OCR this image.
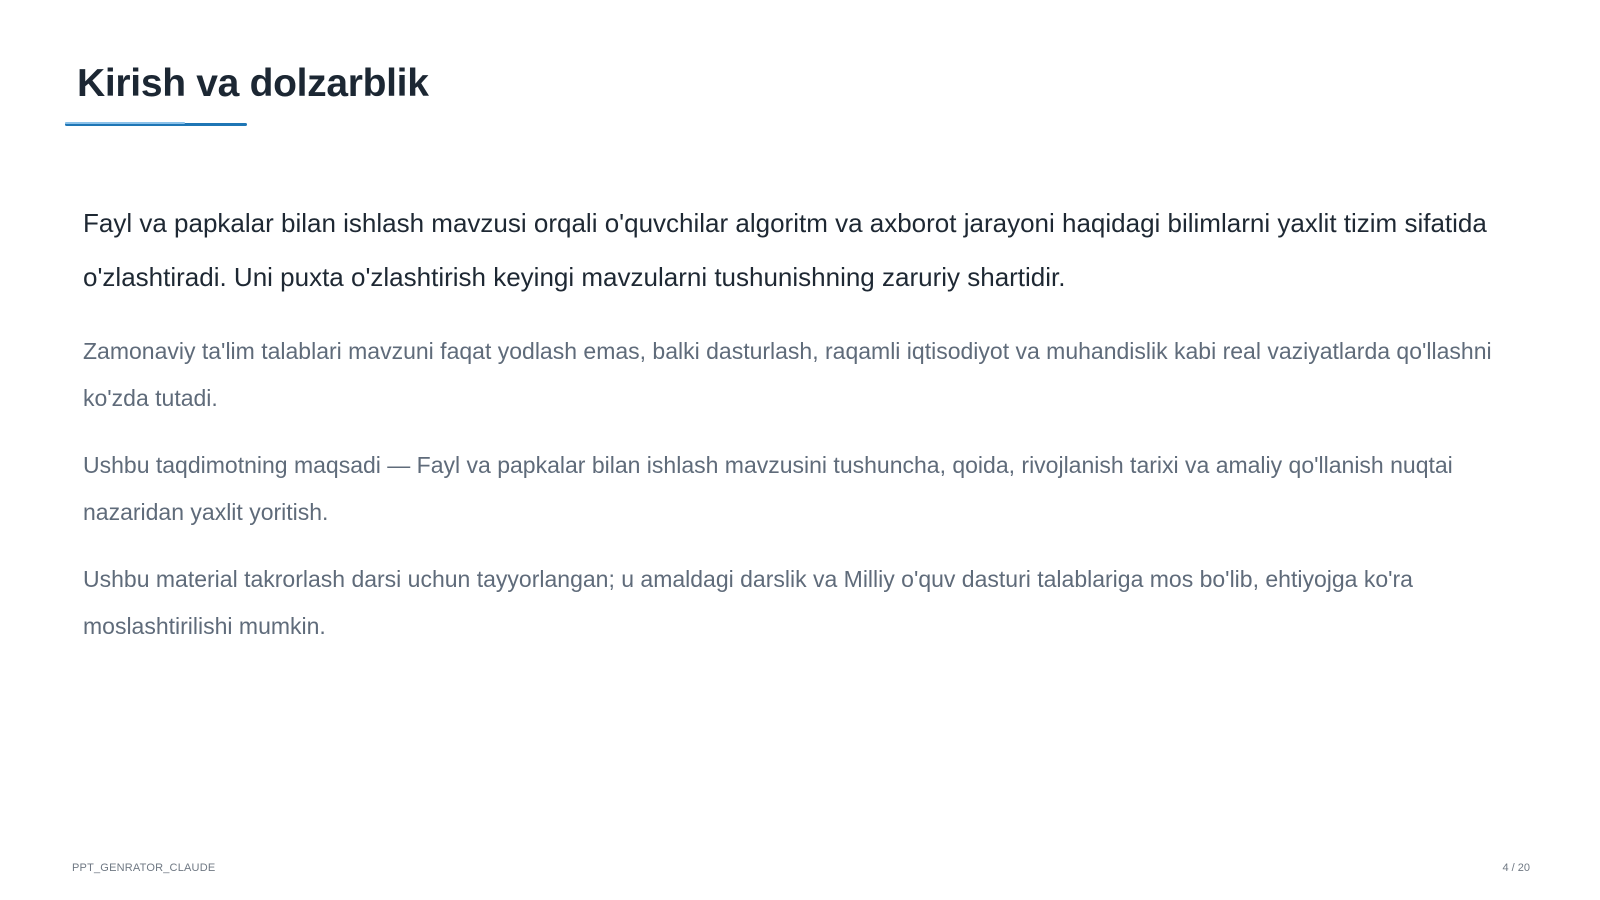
Kirish va dolzarblik

Fayl va papkalar bilan ishlash mavzusi orqali o'quvchilar algoritm va axborot jarayoni haqidagi bilimlarni yaxlit tizim sifatida o'zlashtiradi. Uni puxta o'zlashtirish keyingi mavzularni tushunishning zaruriy shartidir.

Zamonaviy ta'lim talablari mavzuni faqat yodlash emas, balki dasturlash, raqamli iqtisodiyot va muhandislik kabi real vaziyatlarda qo'llashni ko'zda tutadi.

Ushbu taqdimotning maqsadi — Fayl va papkalar bilan ishlash mavzusini tushuncha, qoida, rivojlanish tarixi va amaliy qo'llanish nuqtai nazaridan yaxlit yoritish.

Ushbu material takrorlash darsi uchun tayyorlangan; u amaldagi darslik va Milliy o'quv dasturi talablariga mos bo'lib, ehtiyojga ko'ra moslashtirilishi mumkin.

PPT_GENRATOR_CLAUDE	4 / 20
